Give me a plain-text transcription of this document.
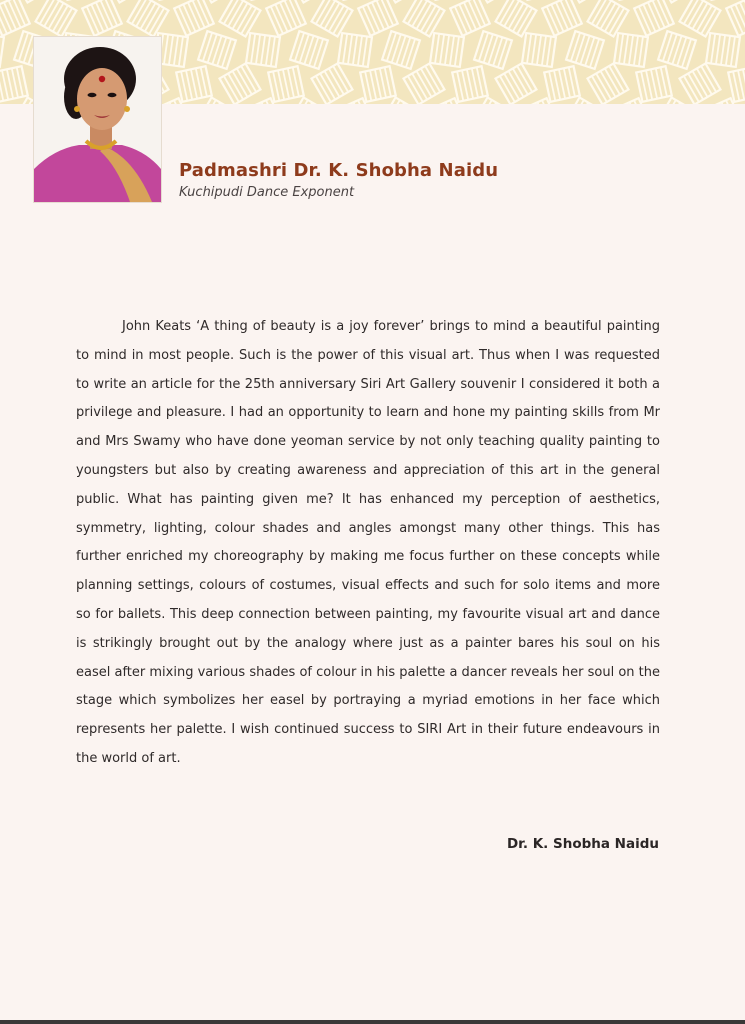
Padmashri Dr. K. Shobha Naidu

Kuchipudi Dance Exponent

John Keats ‘A thing of beauty is a joy forever’ brings to mind a beautiful painting to mind in most people. Such is the power of this visual art. Thus when I was requested to write an article for the 25th anniversary Siri Art Gallery souvenir I considered it both a privilege and pleasure. I had an opportunity to learn and hone my painting skills from Mr and Mrs Swamy who have done yeoman service by not only teaching quality painting to youngsters but also by creating awareness and appreciation of this art in the general public. What has painting given me? It has enhanced my perception of aesthetics, symmetry, lighting, colour shades and angles amongst many other things. This has further enriched my choreography by making me focus further on these concepts while planning settings, colours of costumes, visual effects and such for solo items and more so for ballets. This deep connection between painting, my favourite visual art and dance is strikingly brought out by the analogy where just as a painter bares his soul on his easel after mixing various shades of colour in his palette a dancer reveals her soul on the stage which symbolizes her easel by portraying a myriad emotions in her face which represents her palette. I wish continued success to SIRI Art in their future endeavours in the world of art.

Dr. K. Shobha Naidu
